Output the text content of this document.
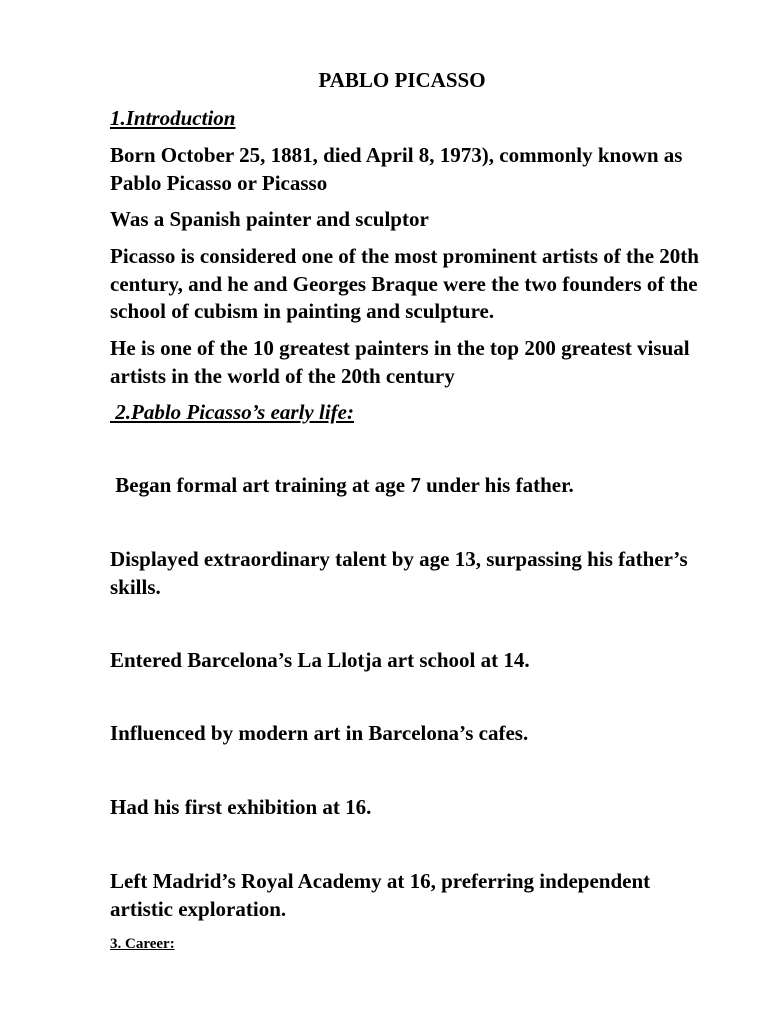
PABLO PICASSO

1.Introduction

Born October 25, 1881, died April 8, 1973), commonly known as Pablo Picasso or Picasso

Was a Spanish painter and sculptor

Picasso is considered one of the most prominent artists of the 20th century, and he and Georges Braque were the two founders of the school of cubism in painting and sculpture.

He is one of the 10 greatest painters in the top 200 greatest visual artists in the world of the 20th century

2.Pablo Picasso’s early life:

Began formal art training at age 7 under his father.

Displayed extraordinary talent by age 13, surpassing his father’s skills.

Entered Barcelona’s La Llotja art school at 14.

Influenced by modern art in Barcelona’s cafes.

Had his first exhibition at 16.

Left Madrid’s Royal Academy at 16, preferring independent artistic exploration.

3. Career:
